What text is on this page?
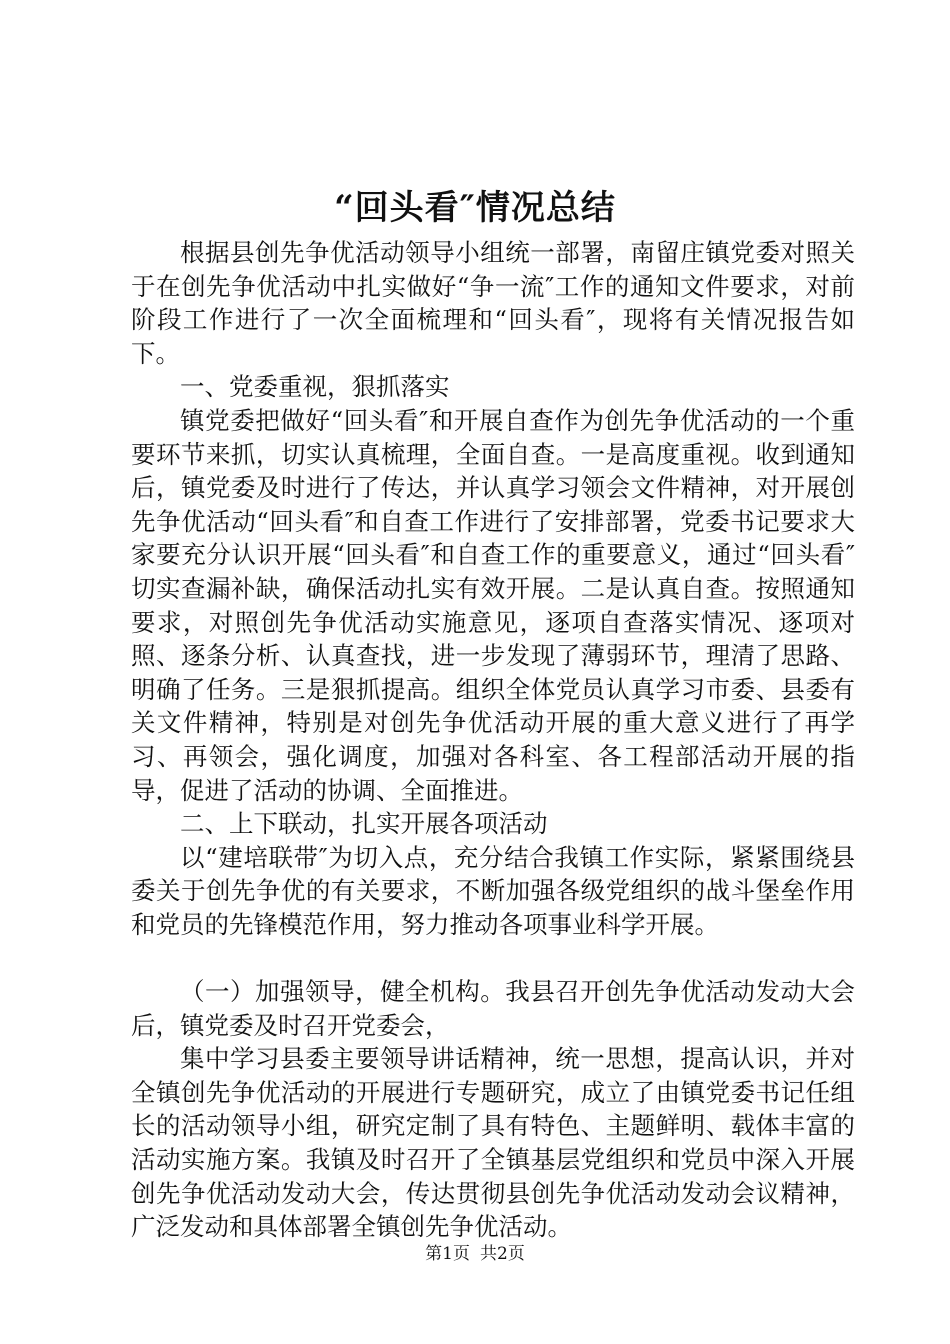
“回头看″情况总结

根据县创先争优活动领导小组统一部署，南留庄镇党委对照关于在创先争优活动中扎实做好“争一流″工作的通知文件要求，对前阶段工作进行了一次全面梳理和“回头看″，现将有关情况报告如下。

一、党委重视，狠抓落实

镇党委把做好“回头看″和开展自查作为创先争优活动的一个重要环节来抓，切实认真梳理，全面自查。一是高度重视。收到通知后，镇党委及时进行了传达，并认真学习领会文件精神，对开展创先争优活动“回头看″和自查工作进行了安排部署，党委书记要求大家要充分认识开展“回头看″和自查工作的重要意义，通过“回头看″切实查漏补缺，确保活动扎实有效开展。二是认真自查。按照通知要求，对照创先争优活动实施意见，逐项自查落实情况、逐项对照、逐条分析、认真查找，进一步发现了薄弱环节，理清了思路、明确了任务。三是狠抓提高。组织全体党员认真学习市委、县委有关文件精神，特别是对创先争优活动开展的重大意义进行了再学习、再领会，强化调度，加强对各科室、各工程部活动开展的指导，促进了活动的协调、全面推进。

二、上下联动，扎实开展各项活动

以“建培联带″为切入点，充分结合我镇工作实际，紧紧围绕县委关于创先争优的有关要求，不断加强各级党组织的战斗堡垒作用和党员的先锋模范作用，努力推动各项事业科学开展。

（一）加强领导，健全机构。我县召开创先争优活动发动大会后，镇党委及时召开党委会，

集中学习县委主要领导讲话精神，统一思想，提高认识，并对全镇创先争优活动的开展进行专题研究，成立了由镇党委书记任组长的活动领导小组，研究定制了具有特色、主题鲜明、载体丰富的活动实施方案。我镇及时召开了全镇基层党组织和党员中深入开展创先争优活动发动大会，传达贯彻县创先争优活动发动会议精神，广泛发动和具体部署全镇创先争优活动。

第1页 共2页
